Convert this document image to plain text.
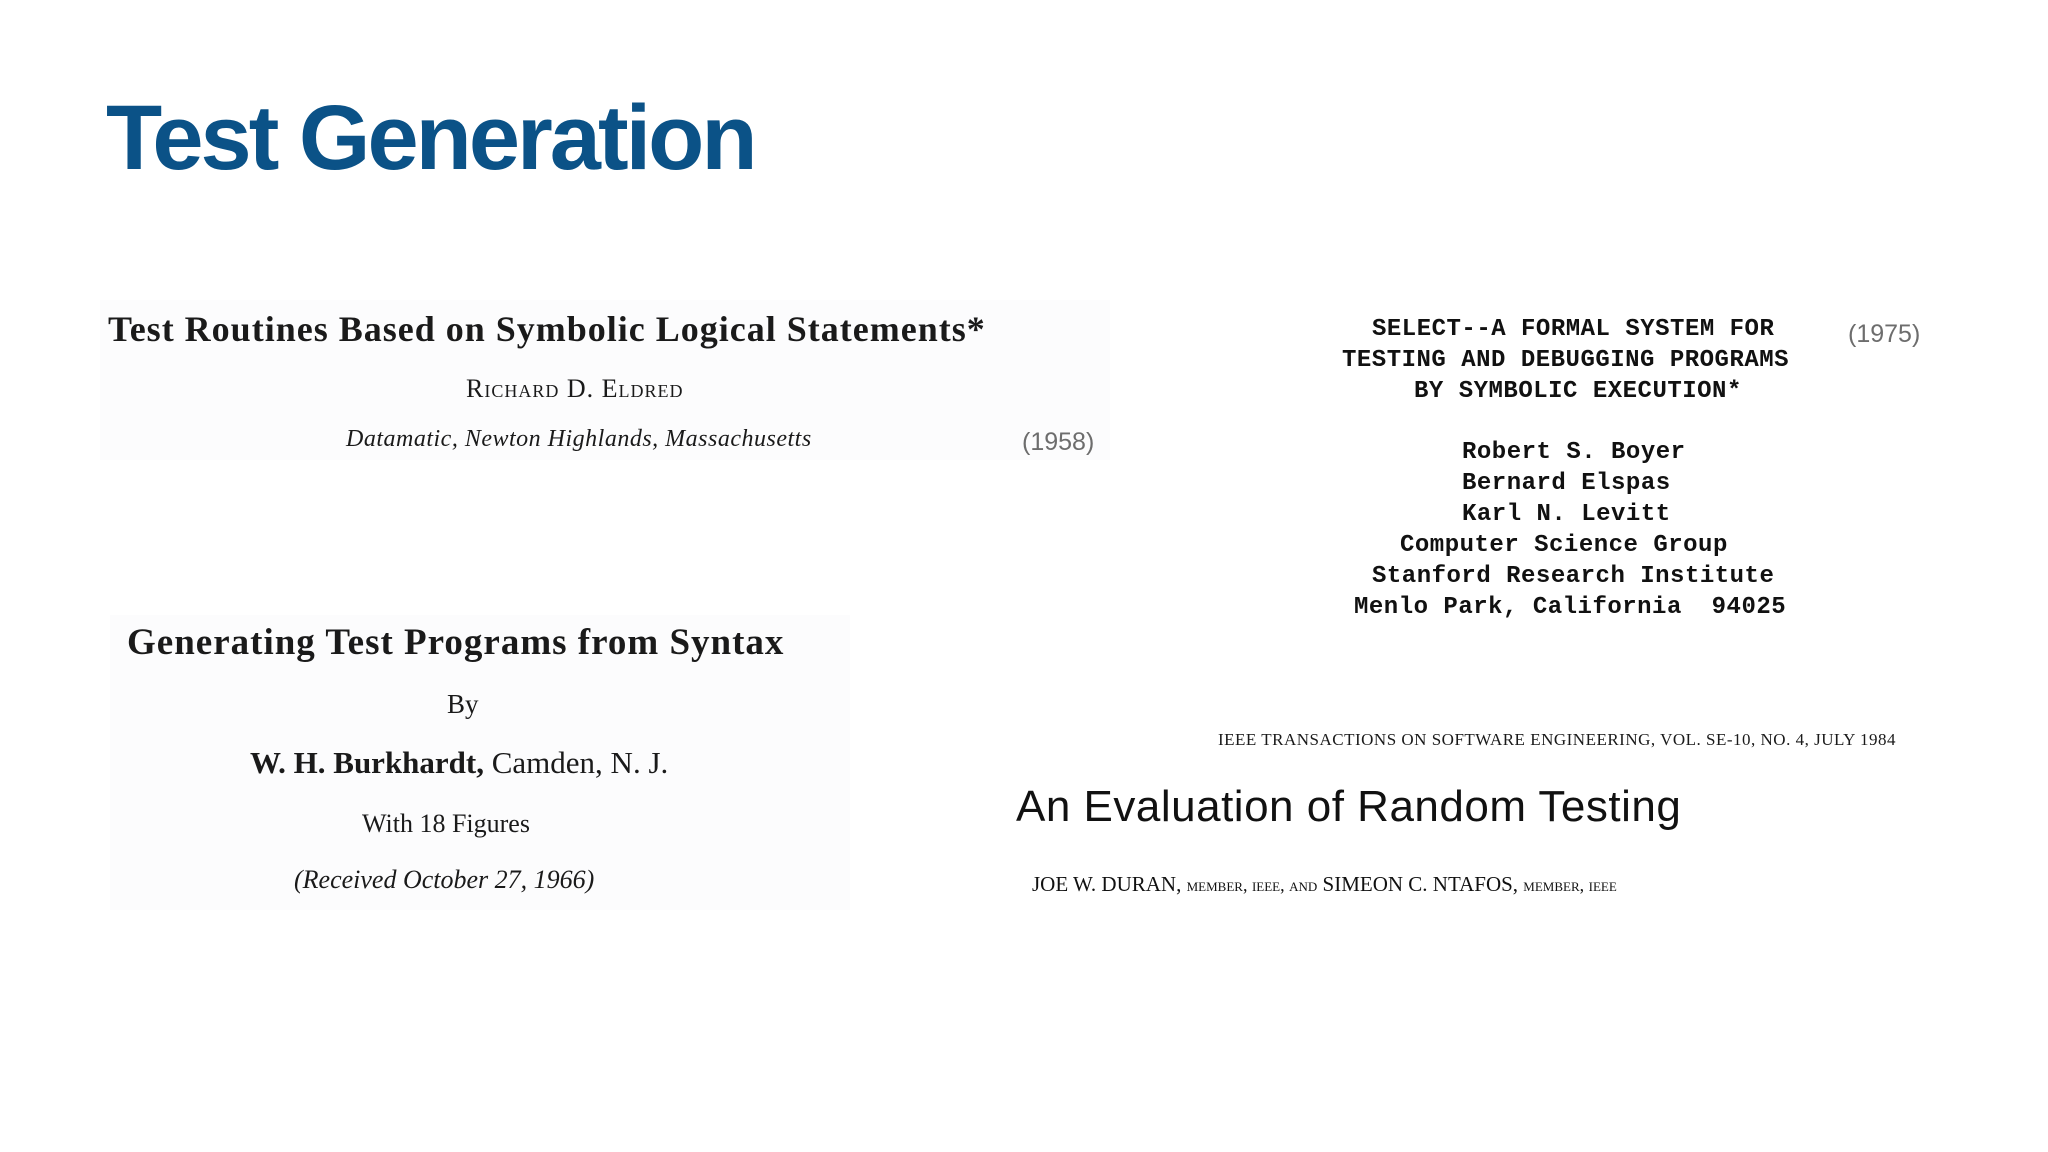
Test Generation
Test Routines Based on Symbolic Logical Statements*
Richard D. Eldred
Datamatic, Newton Highlands, Massachusetts	(1958)
SELECT--A FORMAL SYSTEM FOR
TESTING AND DEBUGGING PROGRAMS
BY SYMBOLIC EXECUTION*
Robert S. Boyer
Bernard Elspas
Karl N. Levitt
Computer Science Group
Stanford Research Institute
Menlo Park, California  94025
(1975)
Generating Test Programs from Syntax
By
W. H. Burkhardt, Camden, N. J.
With 18 Figures
(Received October 27, 1966)
IEEE TRANSACTIONS ON SOFTWARE ENGINEERING, VOL. SE-10, NO. 4, JULY 1984
An Evaluation of Random Testing
JOE W. DURAN, member, ieee, and SIMEON C. NTAFOS, member, ieee
